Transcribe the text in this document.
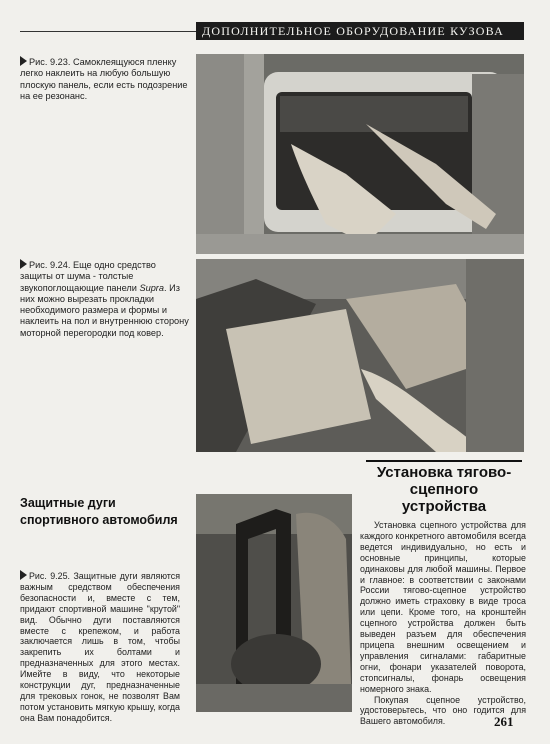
ДОПОЛНИТЕЛЬНОЕ ОБОРУДОВАНИЕ КУЗОВА
Рис. 9.23. Самоклеящуюся пленку легко наклеить на любую большую плоскую панель, если есть подозрение на ее резонанс.
Рис. 9.24. Еще одно средство защиты от шума - толстые звукопоглощающие панели Supra. Из них можно вырезать прокладки необходимого размера и формы и наклеить на пол и внутреннюю сторону моторной перегородки под ковер.
Установка тягово-сцепного устройства
Защитные дуги спортивного автомобиля
Рис. 9.25. Защитные дуги являются важным средством обеспечения безопасности и, вместе с тем, придают спортивной машине "крутой" вид. Обычно дуги поставляются вместе с крепежом, и работа заключается лишь в том, чтобы закрепить их болтами и предназначенных для этого местах. Имейте в виду, что некоторые конструкции дуг, предназначенные для трековых гонок, не позволят Вам потом установить мягкую крышу, когда она Вам понадобится.

Установка сцепного устройства для каждого конкретного автомобиля всегда ведется индивидуально, но есть и основные принципы, которые одинаковы для любой машины. Первое и главное: в соответствии с законами России тягово-сцепное устройство должно иметь страховку в виде троса или цепи. Кроме того, на кронштейн сцепного устройства должен быть выведен разъем для обеспечения прицепа внешним освещением и управления сигналами: габаритные огни, фонари указателей поворота, стопсигналы, фонарь освещения номерного знака.

Покупая сцепное устройство, удостоверьтесь, что оно годится для Вашего автомобиля.	261
